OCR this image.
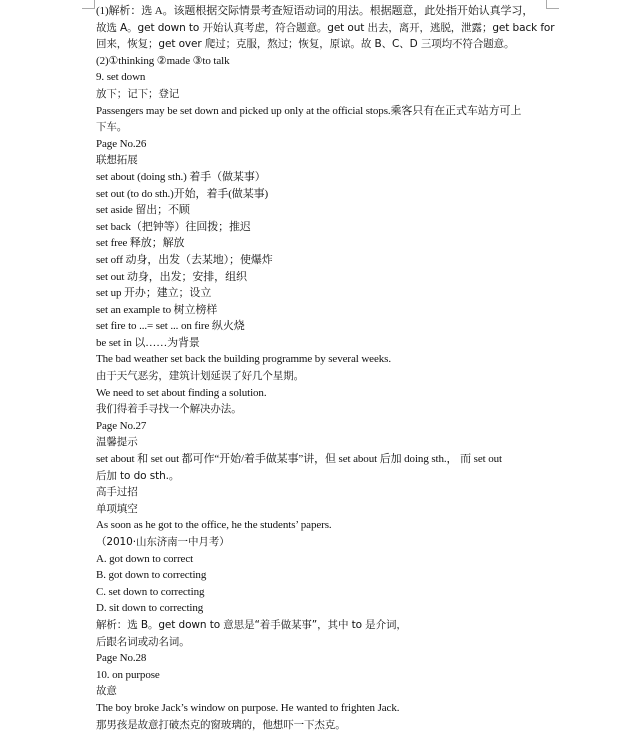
(1)解析：选 A。该题根据交际情景考查短语动词的用法。根据题意，此处指开始认真学习，
故选 A。get down to 开始认真考虑，符合题意。get out 出去，离开，逃脱，泄露；get back for
回来，恢复；get over 爬过；克服，熬过；恢复，原谅。故 B、C、D 三项均不符合题意。
(2)①thinking ②made ③to talk
9. set down
放下；记下；登记
Passengers may be set down and picked up only at the official stops.乘客只有在正式车站方可上
下车。
Page No.26
联想拓展
set about (doing sth.) 着手（做某事）
set out (to do sth.)开始，着手(做某事)
set aside 留出；不顾
set back（把钟等）往回拨；推迟
set free 释放；解放
set off 动身，出发（去某地）；使爆炸
set out 动身，出发；安排，组织
set up 开办；建立；设立
set an example to 树立榜样
set fire to ...= set ... on fire 纵火烧
be set in 以……为背景
The bad weather set back the building programme by several weeks.
由于天气恶劣，建筑计划延误了好几个星期。
We need to set about finding a solution.
我们得着手寻找一个解决办法。
Page No.27
温馨提示
set about 和 set out 都可作“开始/着手做某事”讲，但 set about 后加 doing sth.， 而 set out
后加 to do sth.。
高手过招
单项填空
As soon as he got to the office, he the students’ papers.
（2010·山东济南一中月考）
A. got down to correct
B. got down to correcting
C. set down to correcting
D. sit down to correcting
解析：选 B。get down to 意思是“着手做某事”，其中 to 是介词，
后跟名词或动名词。
Page No.28
10. on purpose
故意
The boy broke Jack’s window on purpose. He wanted to frighten Jack.
那男孩是故意打破杰克的窗玻璃的，他想吓一下杰克。
